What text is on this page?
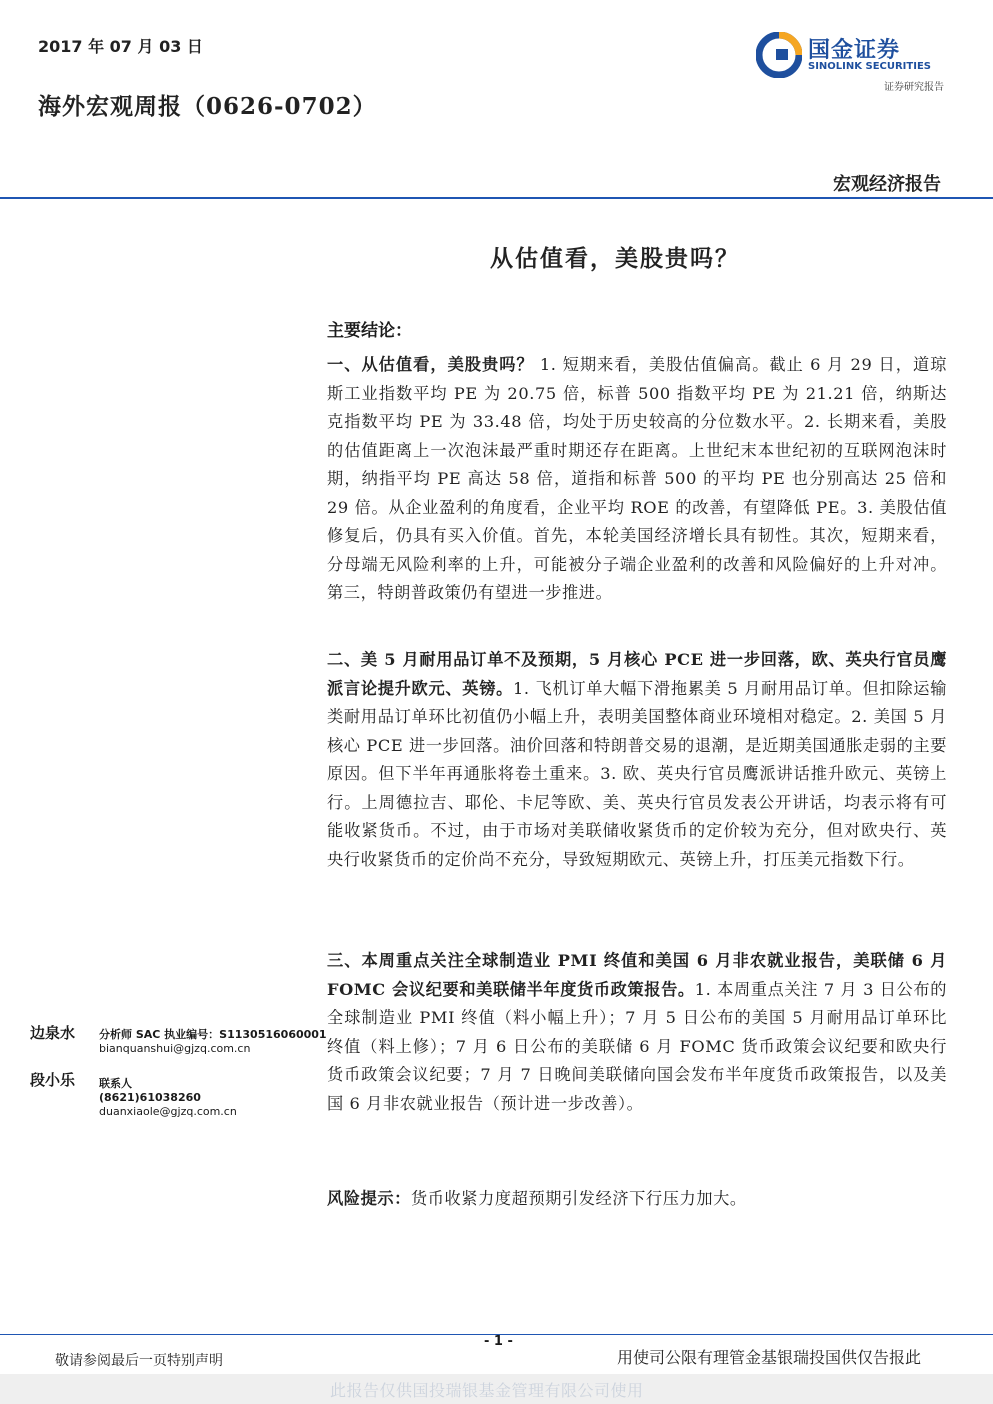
2017 年 07 月 03 日
海外宏观周报（0626-0702）
国金证券
SINOLINK SECURITIES
证券研究报告
宏观经济报告
从估值看，美股贵吗？
主要结论：
一、从估值看，美股贵吗？ 1. 短期来看，美股估值偏高。截止 6 月 29 日，道琼斯工业指数平均 PE 为 20.75 倍，标普 500 指数平均 PE 为 21.21 倍，纳斯达克指数平均 PE 为 33.48 倍，均处于历史较高的分位数水平。2. 长期来看，美股的估值距离上一次泡沫最严重时期还存在距离。上世纪末本世纪初的互联网泡沫时期，纳指平均 PE 高达 58 倍，道指和标普 500 的平均 PE 也分别高达 25 倍和 29 倍。从企业盈利的角度看，企业平均 ROE 的改善，有望降低 PE。3. 美股估值修复后，仍具有买入价值。首先，本轮美国经济增长具有韧性。其次，短期来看，分母端无风险利率的上升，可能被分子端企业盈利的改善和风险偏好的上升对冲。第三，特朗普政策仍有望进一步推进。
二、美 5 月耐用品订单不及预期，5 月核心 PCE 进一步回落，欧、英央行官员鹰派言论提升欧元、英镑。1. 飞机订单大幅下滑拖累美 5 月耐用品订单。但扣除运输类耐用品订单环比初值仍小幅上升，表明美国整体商业环境相对稳定。2. 美国 5 月核心 PCE 进一步回落。油价回落和特朗普交易的退潮，是近期美国通胀走弱的主要原因。但下半年再通胀将卷土重来。3. 欧、英央行官员鹰派讲话推升欧元、英镑上行。上周德拉吉、耶伦、卡尼等欧、美、英央行官员发表公开讲话，均表示将有可能收紧货币。不过，由于市场对美联储收紧货币的定价较为充分，但对欧央行、英央行收紧货币的定价尚不充分，导致短期欧元、英镑上升，打压美元指数下行。
三、本周重点关注全球制造业 PMI 终值和美国 6 月非农就业报告，美联储 6 月 FOMC 会议纪要和美联储半年度货币政策报告。1. 本周重点关注 7 月 3 日公布的全球制造业 PMI 终值（料小幅上升）；7 月 5 日公布的美国 5 月耐用品订单环比终值（料上修）；7 月 6 日公布的美联储 6 月 FOMC 货币政策会议纪要和欧央行货币政策会议纪要；7 月 7 日晚间美联储向国会发布半年度货币政策报告，以及美国 6 月非农就业报告（预计进一步改善）。
风险提示：货币收紧力度超预期引发经济下行压力加大。
边泉水 分析师 SAC 执业编号：S1130516060001
bianquanshui@gjzq.com.cn
段小乐 联系人
(8621)61038260
duanxiaole@gjzq.com.cn
- 1 -
敬请参阅最后一页特别声明	用使司公限有理管金基银瑞投国供仅告报此
此报告仅供国投瑞银基金管理有限公司使用
